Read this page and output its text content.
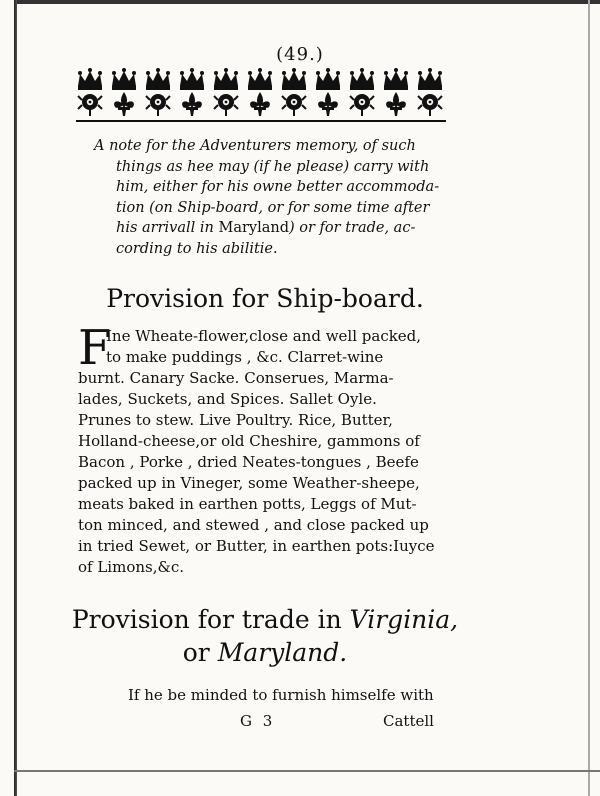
(49.)
A note for the Adventurers memory, of such
things as hee may (if he please) carry with
him, either for his owne better accommoda-
tion (on Ship-board, or for some time after
his arrivall in Maryland) or for trade, ac-
cording to his abilitie.
Provision for Ship-board.
F
Ine Wheate-flower,close and well packed,
to make puddings , &c. Clarret-wine
burnt. Canary Sacke. Conserues, Marma-
lades, Suckets, and Spices. Sallet Oyle.
Prunes to stew. Live Poultry. Rice, Butter,
Holland-cheese,or old Cheshire, gammons of
Bacon , Porke , dried Neates-tongues , Beefe
packed up in Vineger, some Weather-sheepe,
meats baked in earthen potts, Leggs of Mut-
ton minced, and stewed , and close packed up
in tried Sewet, or Butter, in earthen pots:Iuyce
of Limons,&c.
Provision for trade in Virginia,
or Maryland.
If he be minded to furnish himselfe with
G 3	Cattell
